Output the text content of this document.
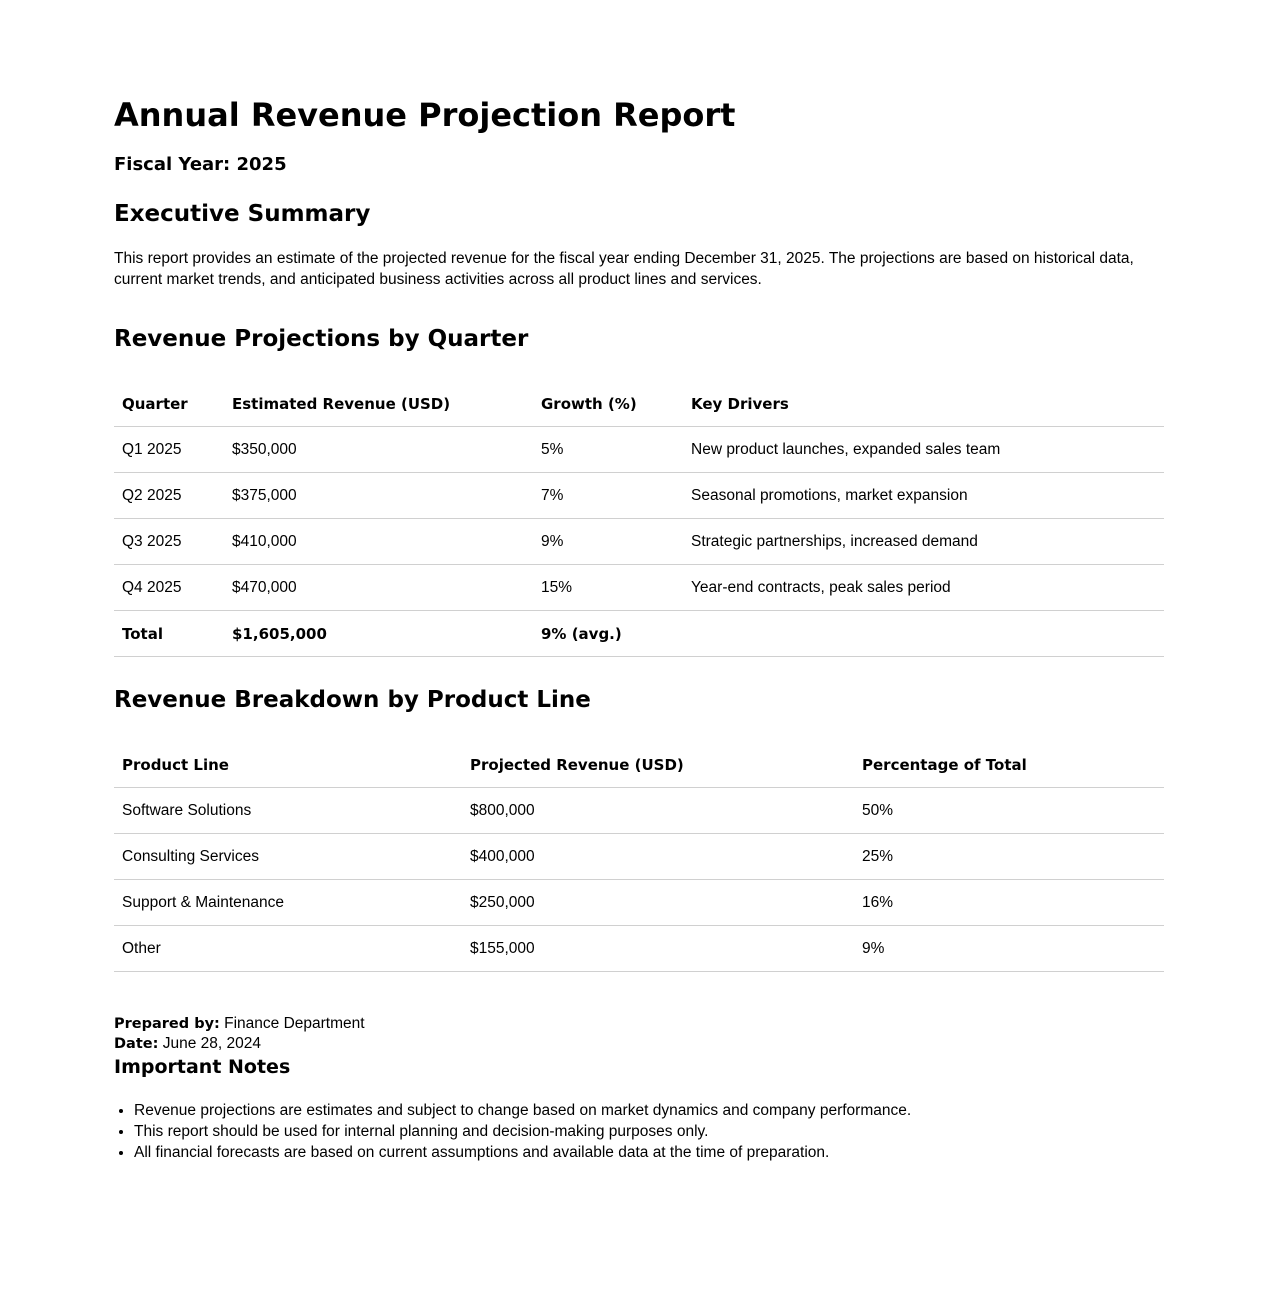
Annual Revenue Projection Report
Fiscal Year: 2025
Executive Summary

This report provides an estimate of the projected revenue for the fiscal year ending December 31, 2025. The projections are based on historical data, current market trends, and anticipated business activities across all product lines and services.

Revenue Projections by Quarter
Quarter	Estimated Revenue (USD)	Growth (%)	Key Drivers
Q1 2025	$350,000	5%	New product launches, expanded sales team
Q2 2025	$375,000	7%	Seasonal promotions, market expansion
Q3 2025	$410,000	9%	Strategic partnerships, increased demand
Q4 2025	$470,000	15%	Year-end contracts, peak sales period
Total	$1,605,000	9% (avg.)	
Revenue Breakdown by Product Line
Product Line	Projected Revenue (USD)	Percentage of Total
Software Solutions	$800,000	50%
Consulting Services	$400,000	25%
Support & Maintenance	$250,000	16%
Other	$155,000	9%
Prepared by: Finance Department
Date: June 28, 2024
Important Notes
• Revenue projections are estimates and subject to change based on market dynamics and company performance.
• This report should be used for internal planning and decision-making purposes only.
• All financial forecasts are based on current assumptions and available data at the time of preparation.
